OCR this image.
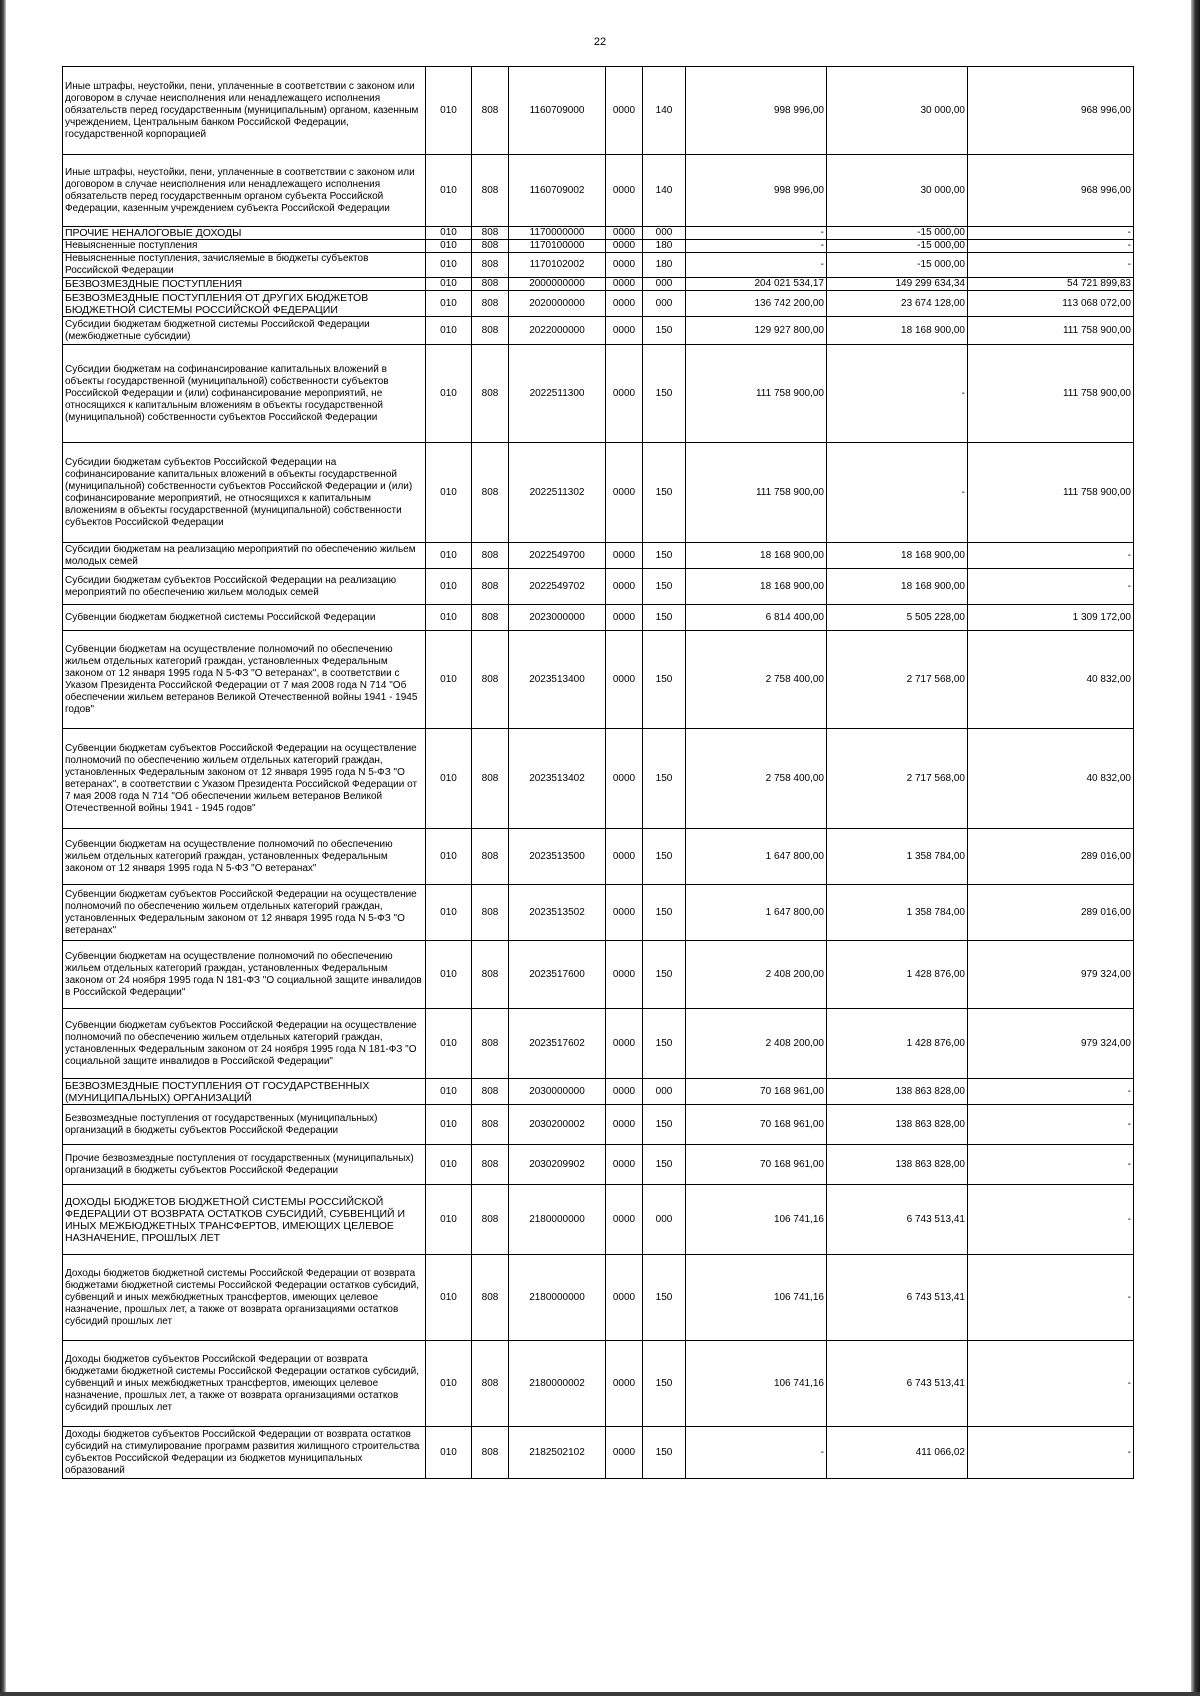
22
Иные штрафы, неустойки, пени, уплаченные в соответствии с законом или договором в случае неисполнения или ненадлежащего исполнения обязательств перед государственным (муниципальным) органом, казенным учреждением, Центральным банком Российской Федерации, государственной корпорацией	010	808	1160709000	0000	140	998 996,00	30 000,00	968 996,00
Иные штрафы, неустойки, пени, уплаченные в соответствии с законом или договором в случае неисполнения или ненадлежащего исполнения обязательств перед государственным органом субъекта Российской Федерации, казенным учреждением субъекта Российской Федерации	010	808	1160709002	0000	140	998 996,00	30 000,00	968 996,00
ПРОЧИЕ НЕНАЛОГОВЫЕ ДОХОДЫ	010	808	1170000000	0000	000	-	-15 000,00	-
Невыясненные поступления	010	808	1170100000	0000	180	-	-15 000,00	-
Невыясненные поступления, зачисляемые в бюджеты субъектов Российской Федерации	010	808	1170102002	0000	180	-	-15 000,00	-
БЕЗВОЗМЕЗДНЫЕ ПОСТУПЛЕНИЯ	010	808	2000000000	0000	000	204 021 534,17	149 299 634,34	54 721 899,83
БЕЗВОЗМЕЗДНЫЕ ПОСТУПЛЕНИЯ ОТ ДРУГИХ БЮДЖЕТОВ БЮДЖЕТНОЙ СИСТЕМЫ РОССИЙСКОЙ ФЕДЕРАЦИИ	010	808	2020000000	0000	000	136 742 200,00	23 674 128,00	113 068 072,00
Субсидии бюджетам бюджетной системы Российской Федерации (межбюджетные субсидии)	010	808	2022000000	0000	150	129 927 800,00	18 168 900,00	111 758 900,00
Субсидии бюджетам на софинансирование капитальных вложений в объекты государственной (муниципальной) собственности субъектов Российской Федерации и (или) софинансирование мероприятий, не относящихся к капитальным вложениям в объекты государственной (муниципальной) собственности субъектов Российской Федерации	010	808	2022511300	0000	150	111 758 900,00	-	111 758 900,00
Субсидии бюджетам субъектов Российской Федерации на софинансирование капитальных вложений в объекты государственной (муниципальной) собственности субъектов Российской Федерации и (или) софинансирование мероприятий, не относящихся к капитальным вложениям в объекты государственной (муниципальной) собственности субъектов Российской Федерации	010	808	2022511302	0000	150	111 758 900,00	-	111 758 900,00
Субсидии бюджетам на реализацию мероприятий по обеспечению жильем молодых семей	010	808	2022549700	0000	150	18 168 900,00	18 168 900,00	-
Субсидии бюджетам субъектов Российской Федерации на реализацию мероприятий по обеспечению жильем молодых семей	010	808	2022549702	0000	150	18 168 900,00	18 168 900,00	-
Субвенции бюджетам бюджетной системы Российской Федерации	010	808	2023000000	0000	150	6 814 400,00	5 505 228,00	1 309 172,00
Субвенции бюджетам на осуществление полномочий по обеспечению жильем отдельных категорий граждан, установленных Федеральным законом от 12 января 1995 года N 5-ФЗ "О ветеранах", в соответствии с Указом Президента Российской Федерации от 7 мая 2008 года N 714 "Об обеспечении жильем ветеранов Великой Отечественной войны 1941 - 1945 годов"	010	808	2023513400	0000	150	2 758 400,00	2 717 568,00	40 832,00
Субвенции бюджетам субъектов Российской Федерации на осуществление полномочий по обеспечению жильем отдельных категорий граждан, установленных Федеральным законом от 12 января 1995 года N 5-ФЗ "О ветеранах", в соответствии с Указом Президента Российской Федерации от 7 мая 2008 года N 714 "Об обеспечении жильем ветеранов Великой Отечественной войны 1941 - 1945 годов"	010	808	2023513402	0000	150	2 758 400,00	2 717 568,00	40 832,00
Субвенции бюджетам на осуществление полномочий по обеспечению жильем отдельных категорий граждан, установленных Федеральным законом от 12 января 1995 года N 5-ФЗ "О ветеранах"	010	808	2023513500	0000	150	1 647 800,00	1 358 784,00	289 016,00
Субвенции бюджетам субъектов Российской Федерации на осуществление полномочий по обеспечению жильем отдельных категорий граждан, установленных Федеральным законом от 12 января 1995 года N 5-ФЗ "О ветеранах"	010	808	2023513502	0000	150	1 647 800,00	1 358 784,00	289 016,00
Субвенции бюджетам на осуществление полномочий по обеспечению жильем отдельных категорий граждан, установленных Федеральным законом от 24 ноября 1995 года N 181-ФЗ "О социальной защите инвалидов в Российской Федерации"	010	808	2023517600	0000	150	2 408 200,00	1 428 876,00	979 324,00
Субвенции бюджетам субъектов Российской Федерации на осуществление полномочий по обеспечению жильем отдельных категорий граждан, установленных Федеральным законом от 24 ноября 1995 года N 181-ФЗ "О социальной защите инвалидов в Российской Федерации"	010	808	2023517602	0000	150	2 408 200,00	1 428 876,00	979 324,00
БЕЗВОЗМЕЗДНЫЕ ПОСТУПЛЕНИЯ ОТ ГОСУДАРСТВЕННЫХ (МУНИЦИПАЛЬНЫХ) ОРГАНИЗАЦИЙ	010	808	2030000000	0000	000	70 168 961,00	138 863 828,00	-
Безвозмездные поступления от государственных (муниципальных) организаций в бюджеты субъектов Российской Федерации	010	808	2030200002	0000	150	70 168 961,00	138 863 828,00	-
Прочие безвозмездные поступления от государственных (муниципальных) организаций в бюджеты субъектов Российской Федерации	010	808	2030209902	0000	150	70 168 961,00	138 863 828,00	-
ДОХОДЫ БЮДЖЕТОВ БЮДЖЕТНОЙ СИСТЕМЫ РОССИЙСКОЙ ФЕДЕРАЦИИ ОТ ВОЗВРАТА ОСТАТКОВ СУБСИДИЙ, СУБВЕНЦИЙ И ИНЫХ МЕЖБЮДЖЕТНЫХ ТРАНСФЕРТОВ, ИМЕЮЩИХ ЦЕЛЕВОЕ НАЗНАЧЕНИЕ, ПРОШЛЫХ ЛЕТ	010	808	2180000000	0000	000	106 741,16	6 743 513,41	-
Доходы бюджетов бюджетной системы Российской Федерации от возврата бюджетами бюджетной системы Российской Федерации остатков субсидий, субвенций и иных межбюджетных трансфертов, имеющих целевое назначение, прошлых лет, а также от возврата организациями остатков субсидий прошлых лет	010	808	2180000000	0000	150	106 741,16	6 743 513,41	-
Доходы бюджетов субъектов Российской Федерации от возврата бюджетами бюджетной системы Российской Федерации остатков субсидий, субвенций и иных межбюджетных трансфертов, имеющих целевое назначение, прошлых лет, а также от возврата организациями остатков субсидий прошлых лет	010	808	2180000002	0000	150	106 741,16	6 743 513,41	-
Доходы бюджетов субъектов Российской Федерации от возврата остатков субсидий на стимулирование программ развития жилищного строительства субъектов Российской Федерации из бюджетов муниципальных образований	010	808	2182502102	0000	150	-	411 066,02	-
